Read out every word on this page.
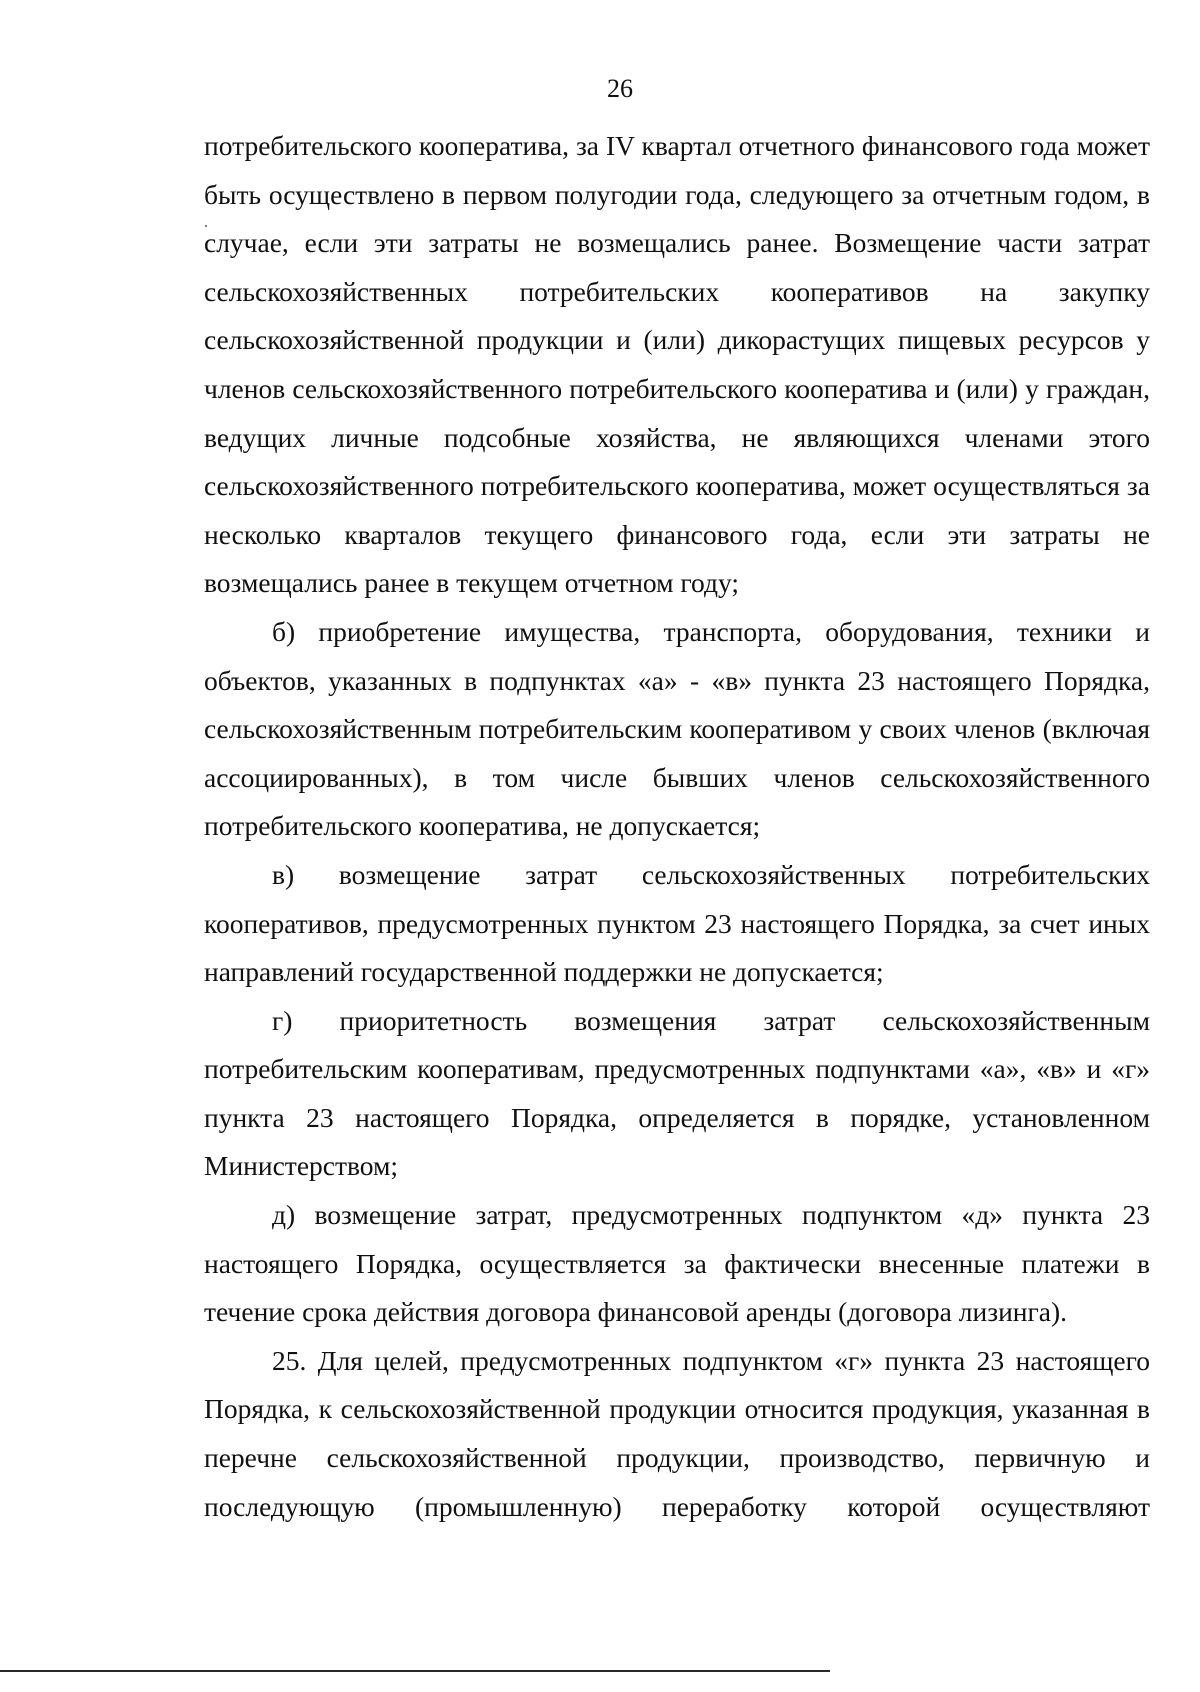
26

потребительского кооператива, за IV квартал отчетного финансового года может быть осуществлено в первом полугодии года, следующего за отчетным годом, в случае, если эти затраты не возмещались ранее. Возмещение части затрат сельскохозяйственных потребительских кооперативов на закупку сельскохозяйственной продукции и (или) дикорастущих пищевых ресурсов у членов сельскохозяйственного потребительского кооператива и (или) у граждан, ведущих личные подсобные хозяйства, не являющихся членами этого сельскохозяйственного потребительского кооператива, может осуществляться за несколько кварталов текущего финансового года, если эти затраты не возмещались ранее в текущем отчетном году;

б) приобретение имущества, транспорта, оборудования, техники и объектов, указанных в подпунктах «а» - «в» пункта 23 настоящего Порядка, сельскохозяйственным потребительским кооперативом у своих членов (включая ассоциированных), в том числе бывших членов сельскохозяйственного потребительского кооператива, не допускается;

в) возмещение затрат сельскохозяйственных потребительских кооперативов, предусмотренных пунктом 23 настоящего Порядка, за счет иных направлений государственной поддержки не допускается;

г) приоритетность возмещения затрат сельскохозяйственным потребительским кооперативам, предусмотренных подпунктами «а», «в» и «г» пункта 23 настоящего Порядка, определяется в порядке, установленном Министерством;

д) возмещение затрат, предусмотренных подпунктом «д» пункта 23 настоящего Порядка, осуществляется за фактически внесенные платежи в течение срока действия договора финансовой аренды (договора лизинга).

25. Для целей, предусмотренных подпунктом «г» пункта 23 настоящего Порядка, к сельскохозяйственной продукции относится продукция, указанная в перечне сельскохозяйственной продукции, производство, первичную и последующую (промышленную) переработку которой осуществляют
